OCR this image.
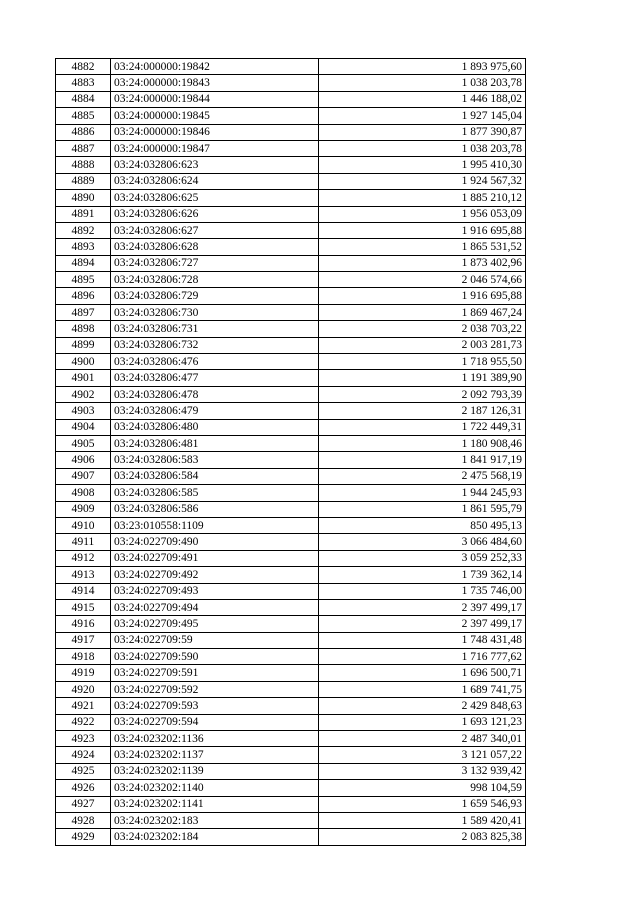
4882	03:24:000000:19842	1 893 975,60
4883	03:24:000000:19843	1 038 203,78
4884	03:24:000000:19844	1 446 188,02
4885	03:24:000000:19845	1 927 145,04
4886	03:24:000000:19846	1 877 390,87
4887	03:24:000000:19847	1 038 203,78
4888	03:24:032806:623	1 995 410,30
4889	03:24:032806:624	1 924 567,32
4890	03:24:032806:625	1 885 210,12
4891	03:24:032806:626	1 956 053,09
4892	03:24:032806:627	1 916 695,88
4893	03:24:032806:628	1 865 531,52
4894	03:24:032806:727	1 873 402,96
4895	03:24:032806:728	2 046 574,66
4896	03:24:032806:729	1 916 695,88
4897	03:24:032806:730	1 869 467,24
4898	03:24:032806:731	2 038 703,22
4899	03:24:032806:732	2 003 281,73
4900	03:24:032806:476	1 718 955,50
4901	03:24:032806:477	1 191 389,90
4902	03:24:032806:478	2 092 793,39
4903	03:24:032806:479	2 187 126,31
4904	03:24:032806:480	1 722 449,31
4905	03:24:032806:481	1 180 908,46
4906	03:24:032806:583	1 841 917,19
4907	03:24:032806:584	2 475 568,19
4908	03:24:032806:585	1 944 245,93
4909	03:24:032806:586	1 861 595,79
4910	03:23:010558:1109	850 495,13
4911	03:24:022709:490	3 066 484,60
4912	03:24:022709:491	3 059 252,33
4913	03:24:022709:492	1 739 362,14
4914	03:24:022709:493	1 735 746,00
4915	03:24:022709:494	2 397 499,17
4916	03:24:022709:495	2 397 499,17
4917	03:24:022709:59	1 748 431,48
4918	03:24:022709:590	1 716 777,62
4919	03:24:022709:591	1 696 500,71
4920	03:24:022709:592	1 689 741,75
4921	03:24:022709:593	2 429 848,63
4922	03:24:022709:594	1 693 121,23
4923	03:24:023202:1136	2 487 340,01
4924	03:24:023202:1137	3 121 057,22
4925	03:24:023202:1139	3 132 939,42
4926	03:24:023202:1140	998 104,59
4927	03:24:023202:1141	1 659 546,93
4928	03:24:023202:183	1 589 420,41
4929	03:24:023202:184	2 083 825,38
